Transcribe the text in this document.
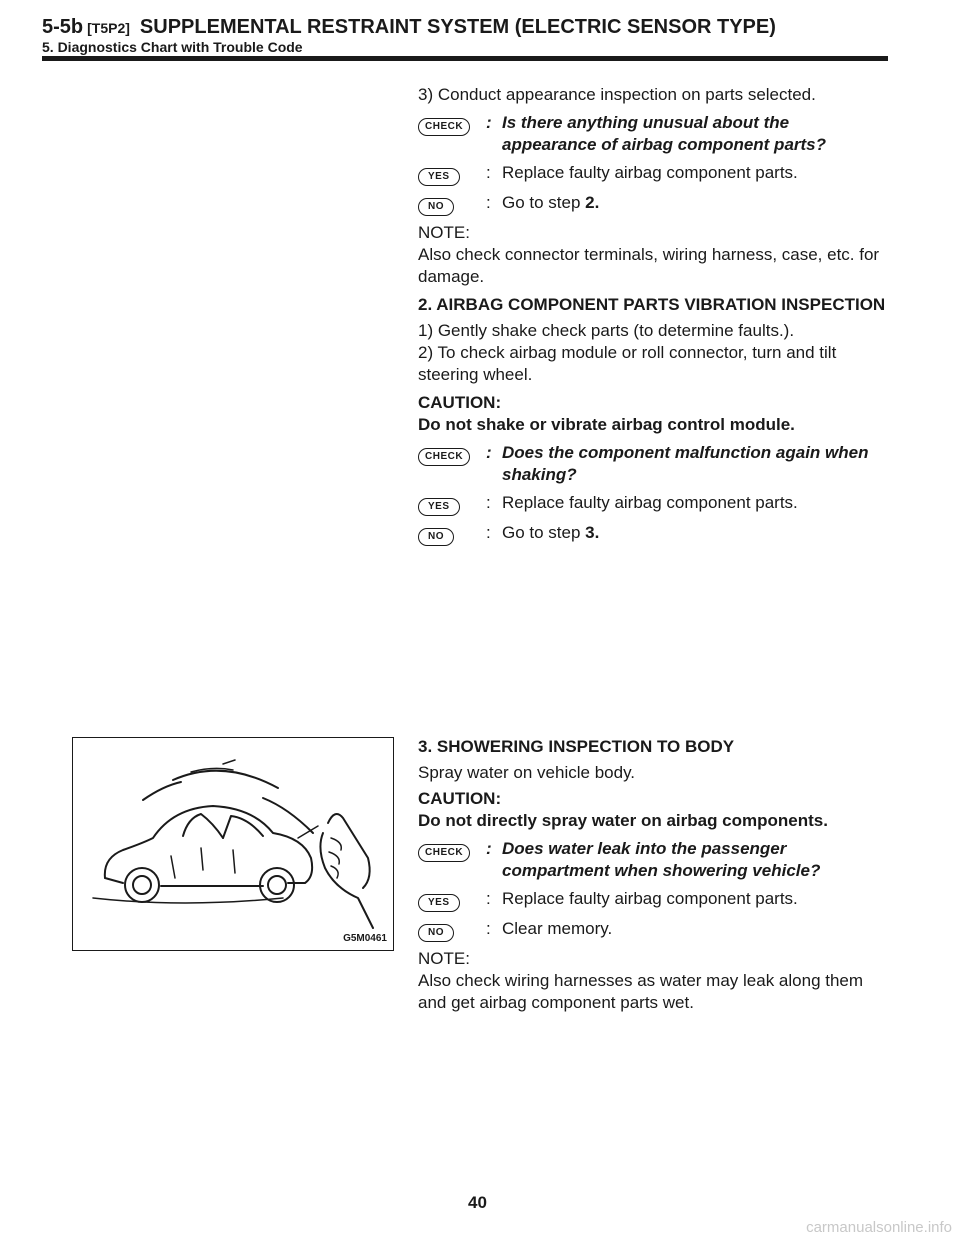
5-5b [T5P2] SUPPLEMENTAL RESTRAINT SYSTEM (ELECTRIC SENSOR TYPE)
5. Diagnostics Chart with Trouble Code

3) Conduct appearance inspection on parts selected.

CHECK	: Is there anything unusual about the appearance of airbag component parts?
YES	: Replace faulty airbag component parts.
NO	: Go to step 2.

NOTE:

Also check connector terminals, wiring harness, case, etc. for damage.

2. AIRBAG COMPONENT PARTS VIBRATION INSPECTION

1) Gently shake check parts (to determine faults.).

2) To check airbag module or roll connector, turn and tilt steering wheel.

CAUTION:

Do not shake or vibrate airbag control module.

CHECK	: Does the component malfunction again when shaking?
YES	: Replace faulty airbag component parts.
NO	: Go to step 3.

3. SHOWERING INSPECTION TO BODY

Spray water on vehicle body.

CAUTION:

Do not directly spray water on airbag components.

CHECK	: Does water leak into the passenger compartment when showering vehicle?
YES	: Replace faulty airbag component parts.
NO	: Clear memory.

NOTE:

Also check wiring harnesses as water may leak along them and get airbag component parts wet.

G5M0461
40
carmanualsonline.info
